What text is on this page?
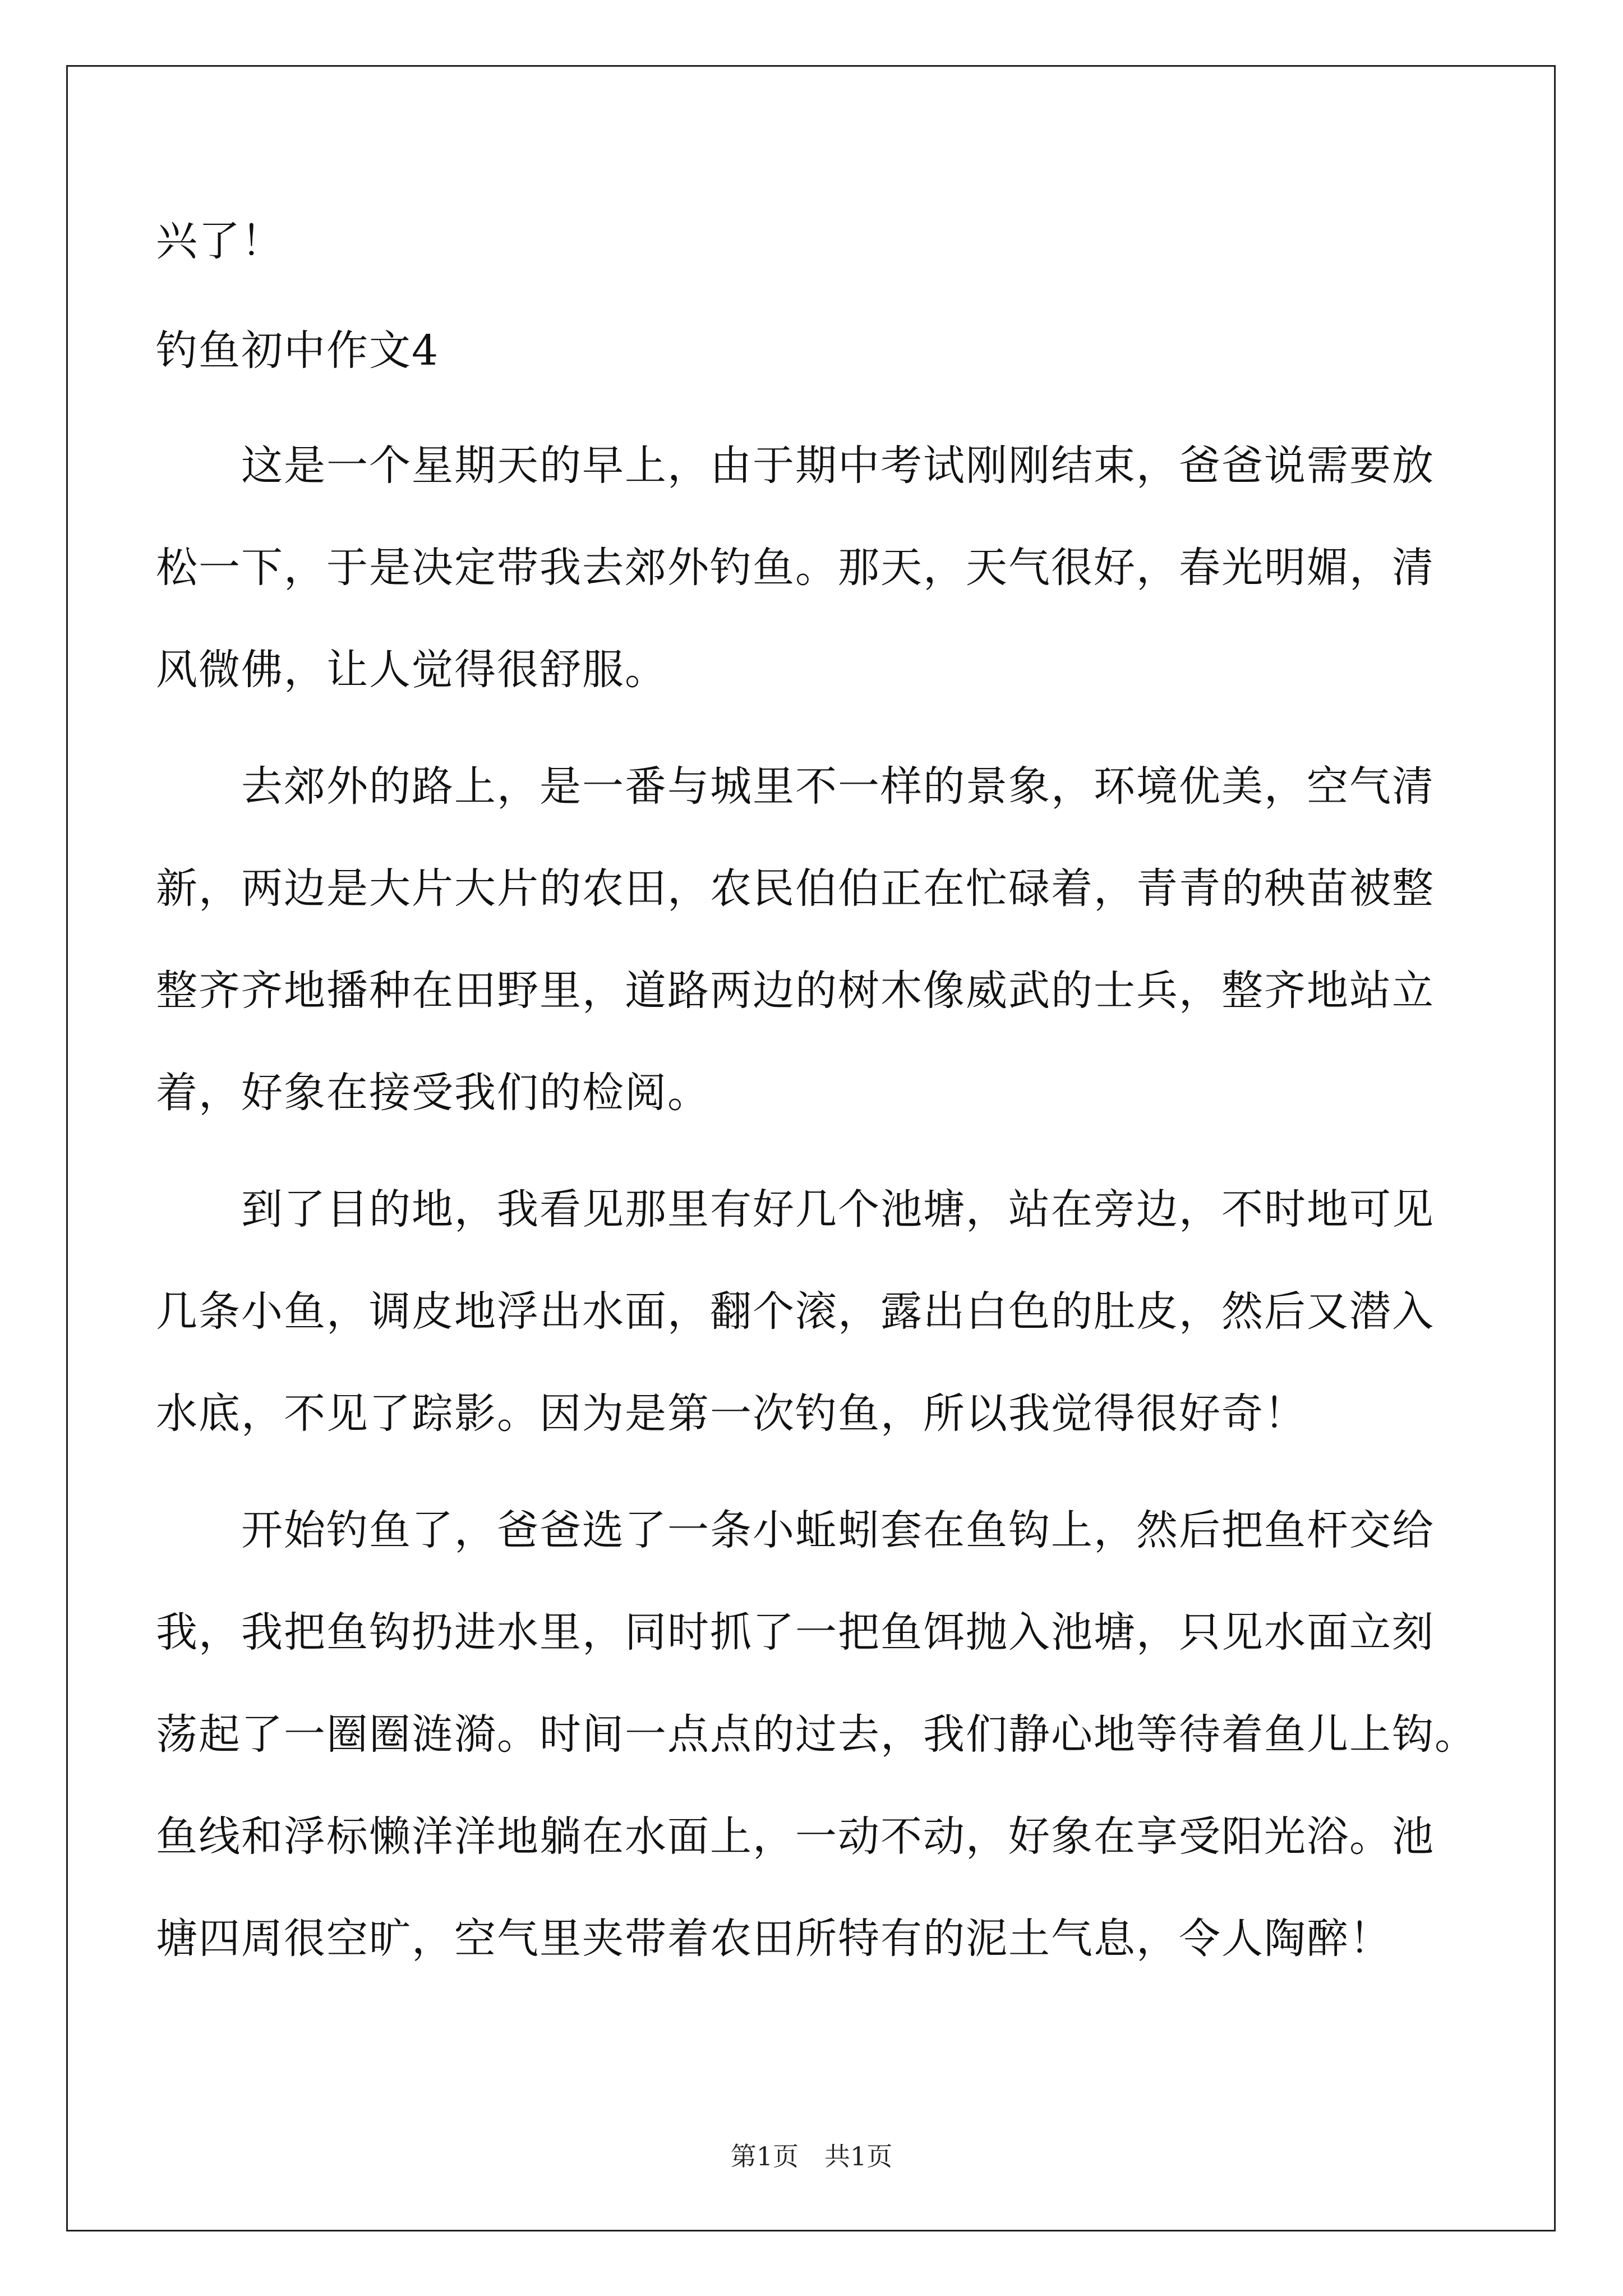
兴了！
钓鱼初中作文4
　　这是一个星期天的早上，由于期中考试刚刚结束，爸爸说需要放
松一下，于是决定带我去郊外钓鱼。那天，天气很好，春光明媚，清
风微佛，让人觉得很舒服。
　　去郊外的路上，是一番与城里不一样的景象，环境优美，空气清
新，两边是大片大片的农田，农民伯伯正在忙碌着，青青的秧苗被整
整齐齐地播种在田野里，道路两边的树木像威武的士兵，整齐地站立
着，好象在接受我们的检阅。
　　到了目的地，我看见那里有好几个池塘，站在旁边，不时地可见
几条小鱼，调皮地浮出水面，翻个滚，露出白色的肚皮，然后又潜入
水底，不见了踪影。因为是第一次钓鱼，所以我觉得很好奇！
　　开始钓鱼了，爸爸选了一条小蚯蚓套在鱼钩上，然后把鱼杆交给
我，我把鱼钩扔进水里，同时抓了一把鱼饵抛入池塘，只见水面立刻
荡起了一圈圈涟漪。时间一点点的过去，我们静心地等待着鱼儿上钩。
鱼线和浮标懒洋洋地躺在水面上，一动不动，好象在享受阳光浴。池
塘四周很空旷，空气里夹带着农田所特有的泥土气息，令人陶醉！
第1页　共1页
